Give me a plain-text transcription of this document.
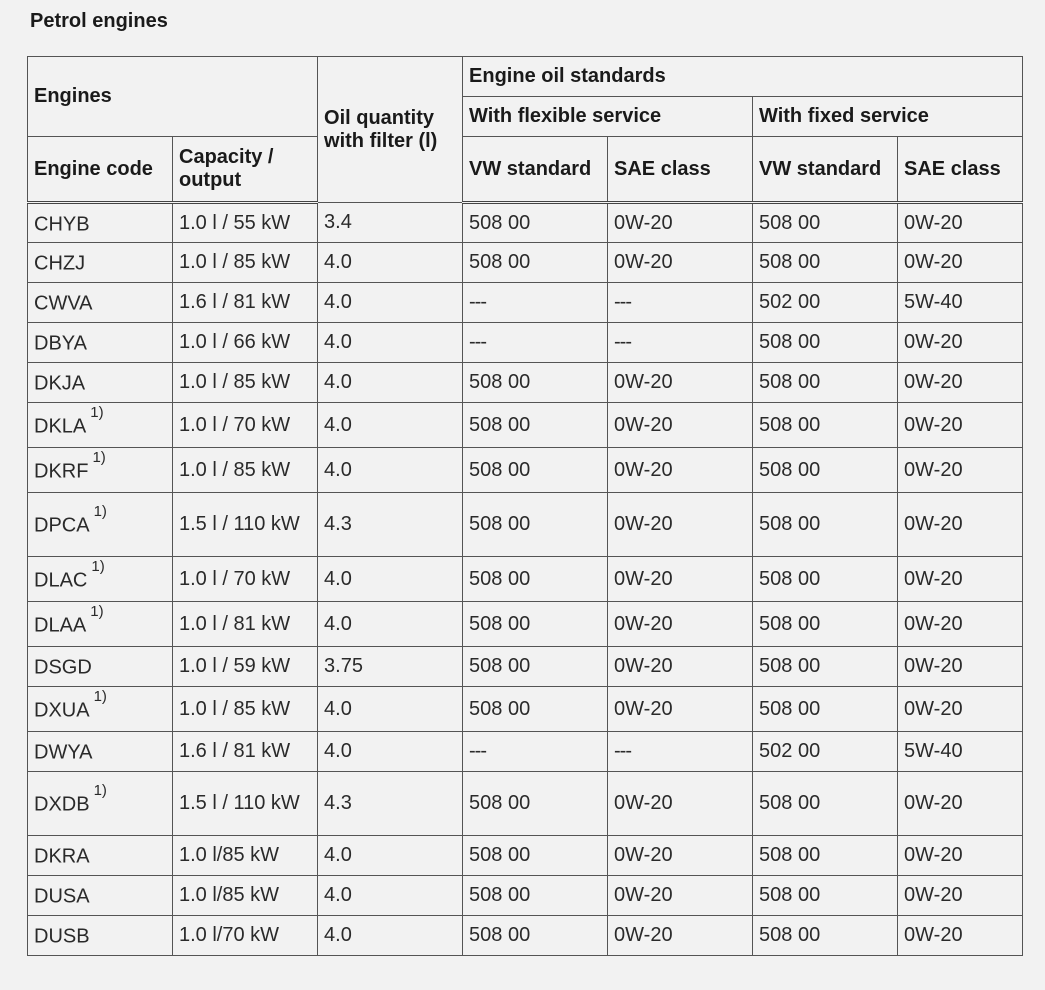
Petrol engines
Engines		Oil quantity with filter (l)	Engine oil standards			
			With flexible service		With fixed service	
Engine code	Capacity / output		VW standard	SAE class	VW standard	SAE class
CHYB	1.0 l / 55 kW	3.4	508 00	0W-20	508 00	0W-20
CHZJ	1.0 l / 85 kW	4.0	508 00	0W-20	508 00	0W-20
CWVA	1.6 l / 81 kW	4.0	---	---	502 00	5W-40
DBYA	1.0 l / 66 kW	4.0	---	---	508 00	0W-20
DKJA	1.0 l / 85 kW	4.0	508 00	0W-20	508 00	0W-20
DKLA$^{1)}$	1.0 l / 70 kW	4.0	508 00	0W-20	508 00	0W-20
DKRF$^{1)}$	1.0 l / 85 kW	4.0	508 00	0W-20	508 00	0W-20
DPCA$^{1)}$	1.5 l / 110 kW	4.3	508 00	0W-20	508 00	0W-20
DLAC$^{1)}$	1.0 l / 70 kW	4.0	508 00	0W-20	508 00	0W-20
DLAA$^{1)}$	1.0 l / 81 kW	4.0	508 00	0W-20	508 00	0W-20
DSGD	1.0 l / 59 kW	3.75	508 00	0W-20	508 00	0W-20
DXUA$^{1)}$	1.0 l / 85 kW	4.0	508 00	0W-20	508 00	0W-20
DWYA	1.6 l / 81 kW	4.0	---	---	502 00	5W-40
DXDB$^{1)}$	1.5 l / 110 kW	4.3	508 00	0W-20	508 00	0W-20
DKRA	1.0 l/85 kW	4.0	508 00	0W-20	508 00	0W-20
DUSA	1.0 l/85 kW	4.0	508 00	0W-20	508 00	0W-20
DUSB	1.0 l/70 kW	4.0	508 00	0W-20	508 00	0W-20
